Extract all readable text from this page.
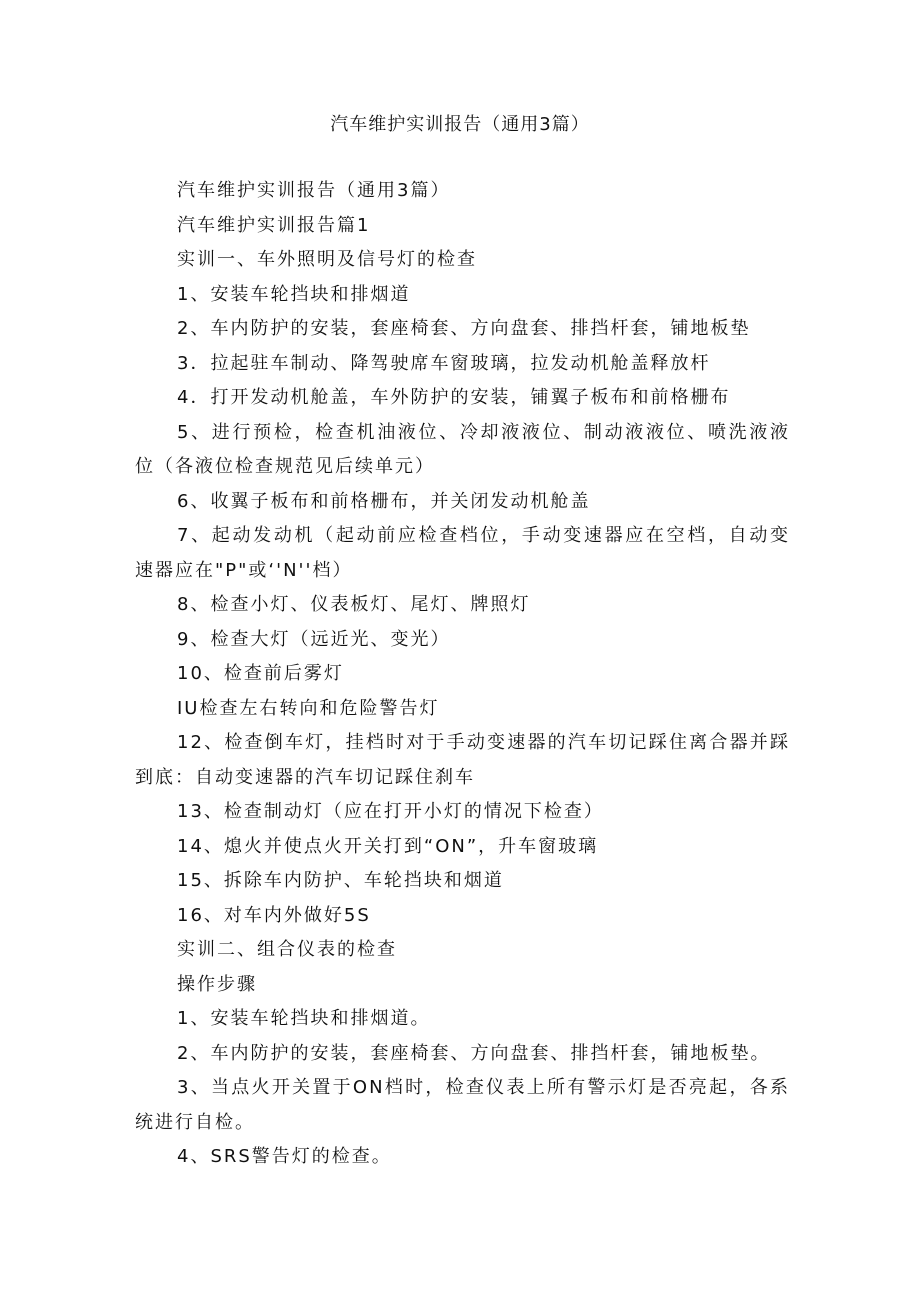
汽车维护实训报告（通用3篇）

汽车维护实训报告（通用3篇）

汽车维护实训报告篇1

实训一、车外照明及信号灯的检查

1、安装车轮挡块和排烟道

2、车内防护的安装，套座椅套、方向盘套、排挡杆套，铺地板垫

3．拉起驻车制动、降驾驶席车窗玻璃，拉发动机舱盖释放杆

4．打开发动机舱盖，车外防护的安装，铺翼子板布和前格栅布

5、进行预检，检查机油液位、冷却液液位、制动液液位、喷洗液液位（各液位检查规范见后续单元）

6、收翼子板布和前格栅布，并关闭发动机舱盖

7、起动发动机（起动前应检查档位，手动变速器应在空档，自动变速器应在"P"或‘'N''档）

8、检查小灯、仪表板灯、尾灯、牌照灯

9、检查大灯（远近光、变光）

10、检查前后雾灯

IU检查左右转向和危险警告灯

12、检查倒车灯，挂档时对于手动变速器的汽车切记踩住离合器并踩到底：自动变速器的汽车切记踩住刹车

13、检查制动灯（应在打开小灯的情况下检查）

14、熄火并使点火开关打到“ON”，升车窗玻璃

15、拆除车内防护、车轮挡块和烟道

16、对车内外做好5S

实训二、组合仪表的检查

操作步骤

1、安装车轮挡块和排烟道。

2、车内防护的安装，套座椅套、方向盘套、排挡杆套，铺地板垫。

3、当点火开关置于ON档时，检查仪表上所有警示灯是否亮起，各系统进行自检。

4、SRS警告灯的检查。
